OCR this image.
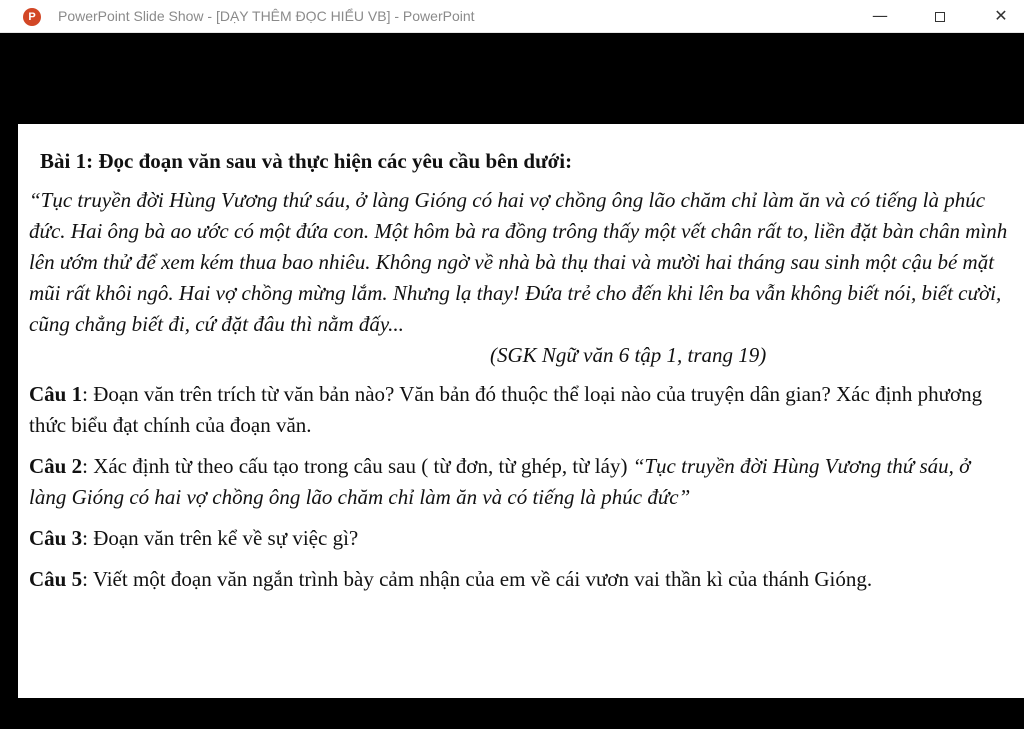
P	PowerPoint Slide Show - [DẠY THÊM ĐỌC HIỂU VB] - PowerPoint	—	✕

Bài 1: Đọc đoạn văn sau và thực hiện các yêu cầu bên dưới:

“Tục truyền đời Hùng Vương thứ sáu, ở làng Gióng có hai vợ chồng ông lão chăm chỉ làm ăn và có tiếng là phúc đức. Hai ông bà ao ước có một đứa con. Một hôm bà ra đồng trông thấy một vết chân rất to, liền đặt bàn chân mình lên ướm thử để xem kém thua bao nhiêu. Không ngờ về nhà bà thụ thai và mười hai tháng sau sinh một cậu bé mặt mũi rất khôi ngô. Hai vợ chồng mừng lắm. Nhưng lạ thay! Đứa trẻ cho đến khi lên ba vẫn không biết nói, biết cười, cũng chẳng biết đi, cứ đặt đâu thì nằm đấy...

(SGK Ngữ văn 6 tập 1, trang 19)

Câu 1: Đoạn văn trên trích từ văn bản nào? Văn bản đó thuộc thể loại nào của truyện dân gian? Xác định phương thức biểu đạt chính của đoạn văn.

Câu 2: Xác định từ theo cấu tạo trong câu sau ( từ đơn, từ ghép, từ láy) “Tục truyền đời Hùng Vương thứ sáu, ở làng Gióng có hai vợ chồng ông lão chăm chỉ làm ăn và có tiếng là phúc đức”

Câu 3: Đoạn văn trên kể về sự việc gì?

Câu 5: Viết một đoạn văn ngắn trình bày cảm nhận của em về cái vươn vai thần kì của thánh Gióng.
